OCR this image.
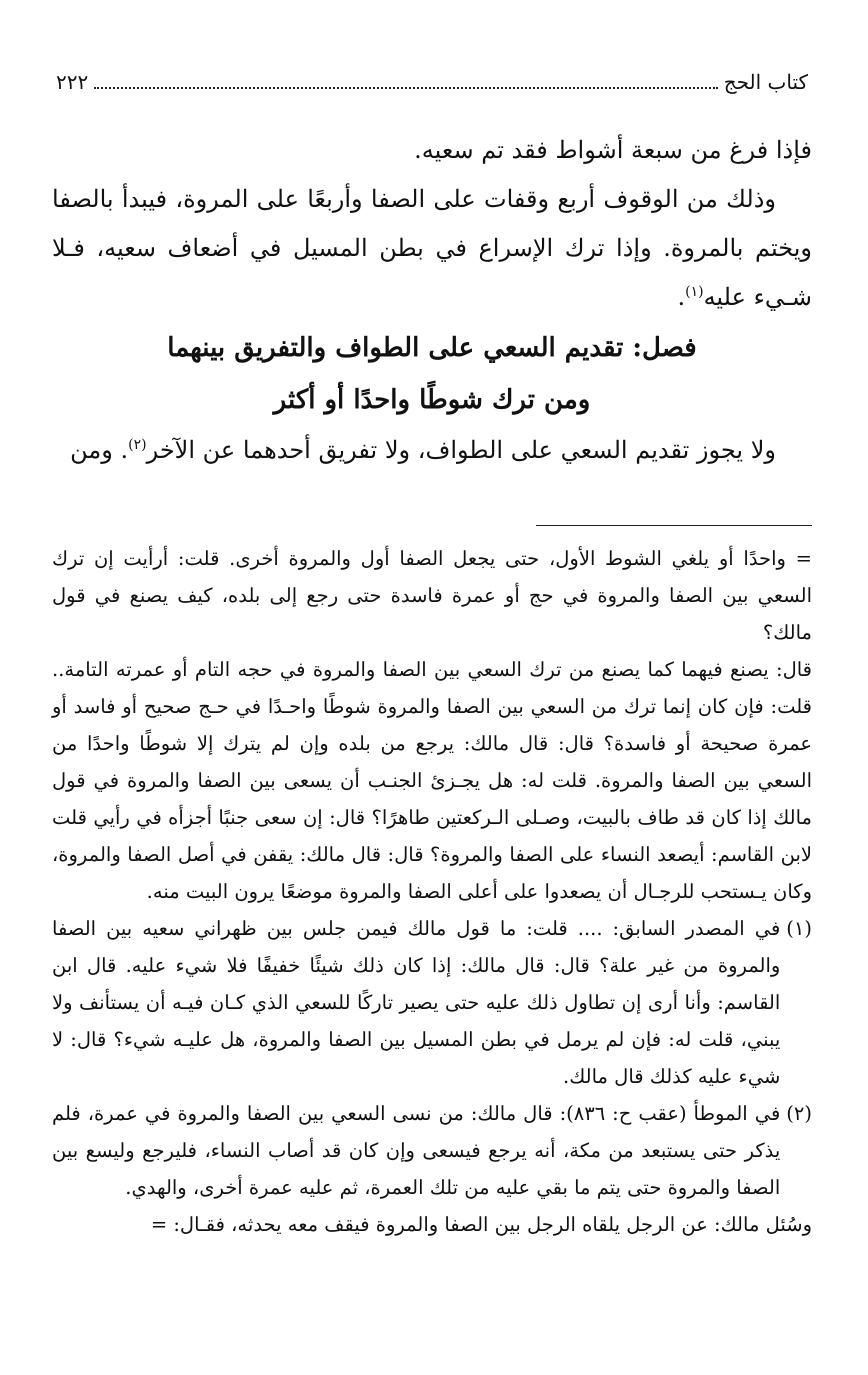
كتاب الحج
٢٢٢

فإذا فرغ من سبعة أشواط فقد تم سعيه.

وذلك من الوقوف أربع وقفات على الصفا وأربعًا على المروة، فيبدأ بالصفا ويختم بالمروة. وإذا ترك الإسراع في بطن المسيل في أضعاف سعيه، فـلا شـيء عليه$^{(١)}$.

فصل: تقديم السعي على الطواف والتفريق بينهما
ومن ترك شوطًا واحدًا أو أكثر

ولا يجوز تقديم السعي على الطواف، ولا تفريق أحدهما عن الآخر$^{(٢)}$. ومن

= واحدًا أو يلغي الشوط الأول، حتى يجعل الصفا أول والمروة أخرى. قلت: أرأيت إن ترك السعي بين الصفا والمروة في حج أو عمرة فاسدة حتى رجع إلى بلده، كيف يصنع في قول مالك؟

قال: يصنع فيهما كما يصنع من ترك السعي بين الصفا والمروة في حجه التام أو عمرته التامة.. قلت: فإن كان إنما ترك من السعي بين الصفا والمروة شوطًا واحـدًا في حـج صحيح أو فاسد أو عمرة صحيحة أو فاسدة؟ قال: قال مالك: يرجع من بلده وإن لم يترك إلا شوطًا واحدًا من السعي بين الصفا والمروة. قلت له: هل يجـزئ الجنـب أن يسعى بين الصفا والمروة في قول مالك إذا كان قد طاف بالبيت، وصـلى الـركعتين طاهرًا؟ قال: إن سعى جنبًا أجزأه في رأيي قلت لابن القاسم: أيصعد النساء على الصفا والمروة؟ قال: قال مالك: يقفن في أصل الصفا والمروة، وكان يـستحب للرجـال أن يصعدوا على أعلى الصفا والمروة موضعًا يرون البيت منه.

(١)
في المصدر السابق: .... قلت: ما قول مالك فيمن جلس بين ظهراني سعيه بين الصفا والمروة من غير علة؟ قال: قال مالك: إذا كان ذلك شيئًا خفيفًا فلا شيء عليه. قال ابن القاسم: وأنا أرى إن تطاول ذلك عليه حتى يصير تاركًا للسعي الذي كـان فيـه أن يستأنف ولا يبني، قلت له: فإن لم يرمل في بطن المسيل بين الصفا والمروة، هل عليـه شيء؟ قال: لا شيء عليه كذلك قال مالك.
(٢)
في الموطأ (عقب ح: ٨٣٦): قال مالك: من نسى السعي بين الصفا والمروة في عمرة، فلم يذكر حتى يستبعد من مكة، أنه يرجع فيسعى وإن كان قد أصاب النساء، فليرجع وليسع بين الصفا والمروة حتى يتم ما بقي عليه من تلك العمرة، ثم عليه عمرة أخرى، والهدي.

وسُئل مالك: عن الرجل يلقاه الرجل بين الصفا والمروة فيقف معه يحدثه، فقـال: =
